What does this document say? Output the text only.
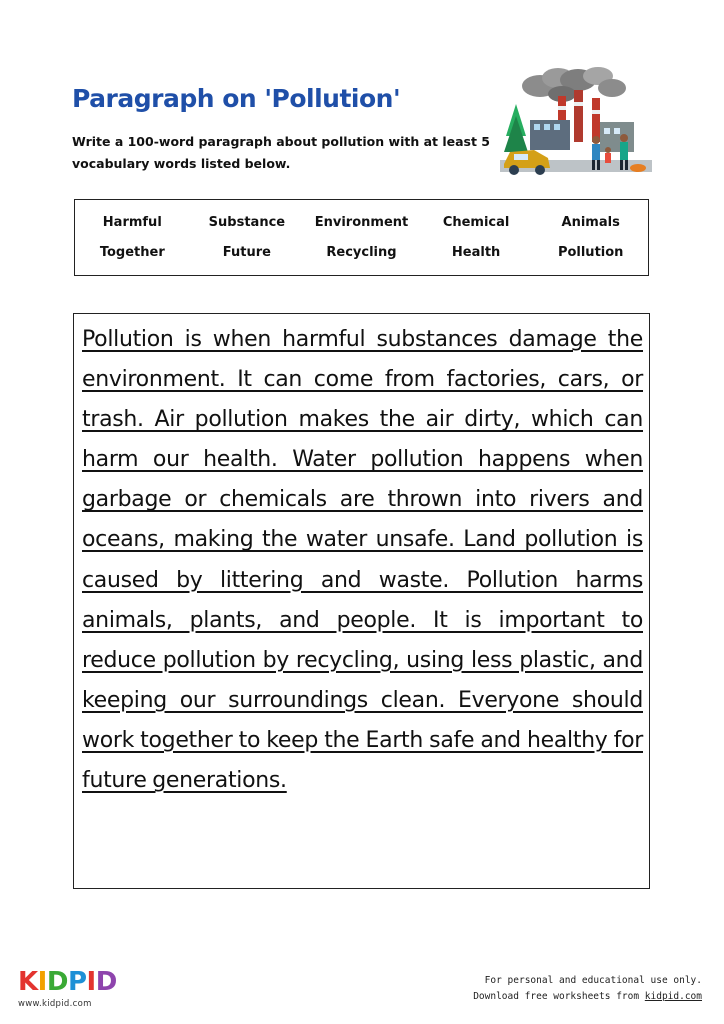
Paragraph on 'Pollution'

Write a 100-word paragraph about pollution with at least 5 vocabulary words listed below.

Harmful	Substance	Environment	Chemical	Animals
Together	Future	Recycling	Health	Pollution

Pollution is when harmful substances damage the environment. It can come from factories, cars, or trash. Air pollution makes the air dirty, which can harm our health. Water pollution happens when garbage or chemicals are thrown into rivers and oceans, making the water unsafe. Land pollution is caused by littering and waste. Pollution harms animals, plants, and people. It is important to reduce pollution by recycling, using less plastic, and keeping our surroundings clean. Everyone should work together to keep the Earth safe and healthy for future generations.

KIDPID
www.kidpid.com
For personal and educational use only.
Download free worksheets from kidpid.com
